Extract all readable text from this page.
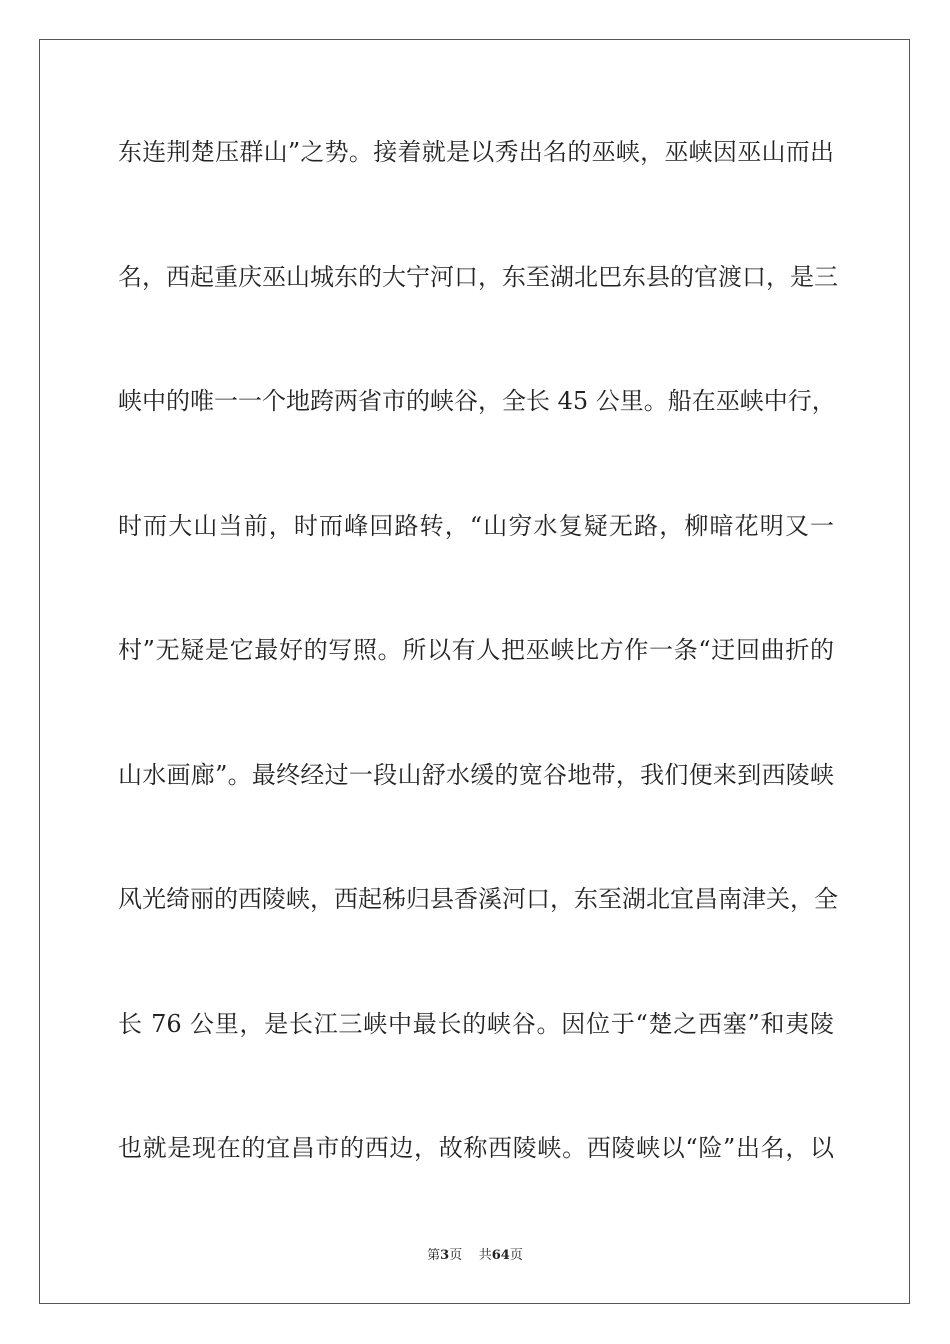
东连荆楚压群山”之势。接着就是以秀出名的巫峡，巫峡因巫山而出
名，西起重庆巫山城东的大宁河口，东至湖北巴东县的官渡口，是三
峡中的唯一一个地跨两省市的峡谷，全长 45 公里。船在巫峡中行，
时而大山当前，时而峰回路转，“山穷水复疑无路，柳暗花明又一
村”无疑是它最好的写照。所以有人把巫峡比方作一条“迂回曲折的
山水画廊”。最终经过一段山舒水缓的宽谷地带，我们便来到西陵峡
风光绮丽的西陵峡，西起秭归县香溪河口，东至湖北宜昌南津关，全
长 76 公里，是长江三峡中最长的峡谷。因位于“楚之西塞”和夷陵
也就是现在的宜昌市的西边，故称西陵峡。西陵峡以“险”出名，以
第3页 共64页
